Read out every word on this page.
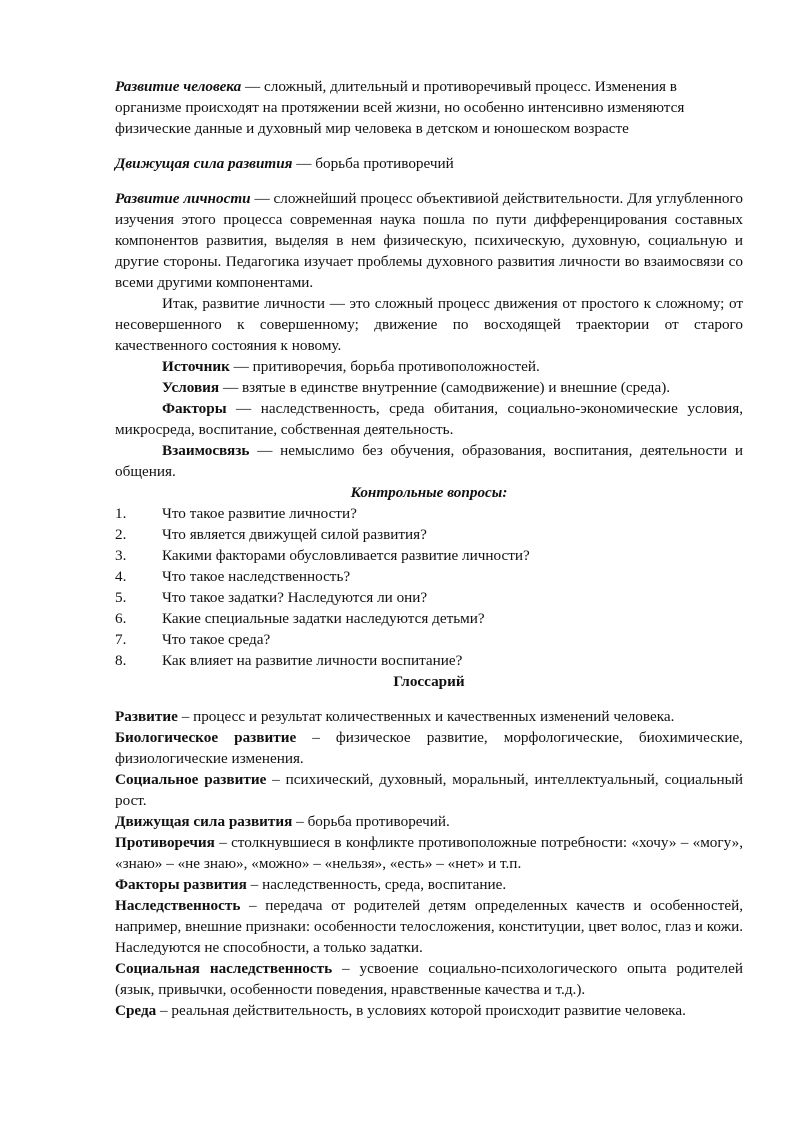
Развитие человека — сложный, длительный и противоречивый процесс. Изменения в организме происходят на протяжении всей жизни, но особенно интенсивно изменяются физические данные и духовный мир человека в детском и юношеском возрасте

Движущая сила развития — борьба противоречий

Развитие личности — сложнейший процесс объективиой действительности. Для углубленного изучения этого процесса современная наука пошла по пути дифференцирования составных компонентов развития, выделяя в нем физическую, психическую, духовную, социальную и другие стороны. Педагогика изучает проблемы духовного развития личности во взаимосвязи со всеми другими компонентами.

Итак, развитие личности — это сложный процесс движения от простого к сложному; от несовершенного к совершенному; движение по восходящей траектории от старого качественного состояния к новому.

Источник — притиворечия, борьба противоположностей.

Условия — взятые в единстве внутренние (самодвижение) и внешние (среда).

Факторы — наследственность, среда обитания, социально-экономические условия, микросреда, воспитание, собственная деятельность.

Взаимосвязь — немыслимо без обучения, образования, воспитания, деятельности и общения.

Контрольные вопросы:

1. Что такое развитие личности?
2. Что является движущей силой развития?
3. Какими факторами обусловливается развитие личности?
4. Что такое наследственность?
5. Что такое задатки? Наследуются ли они?
6. Какие специальные задатки наследуются детьми?
7. Что такое среда?
8. Как влияет на развитие личности воспитание?

Глоссарий

Развитие – процесс и результат количественных и качественных изменений человека.

Биологическое развитие – физическое развитие, морфологические, биохимические, физиологические изменения.

Социальное развитие – психический, духовный, моральный, интеллектуальный, социальный рост.

Движущая сила развития – борьба противоречий.

Противоречия – столкнувшиеся в конфликте противоположные потребности: «хочу» – «могу», «знаю» – «не знаю», «можно» – «нельзя», «есть» – «нет» и т.п.

Факторы развития – наследственность, среда, воспитание.

Наследственность – передача от родителей детям определенных качеств и особенностей, например, внешние признаки: особенности телосложения, конституции, цвет волос, глаз и кожи. Наследуются не способности, а только задатки.

Социальная наследственность – усвоение социально-психологического опыта родителей (язык, привычки, особенности поведения, нравственные качества и т.д.).

Среда – реальная действительность, в условиях которой происходит развитие человека.
